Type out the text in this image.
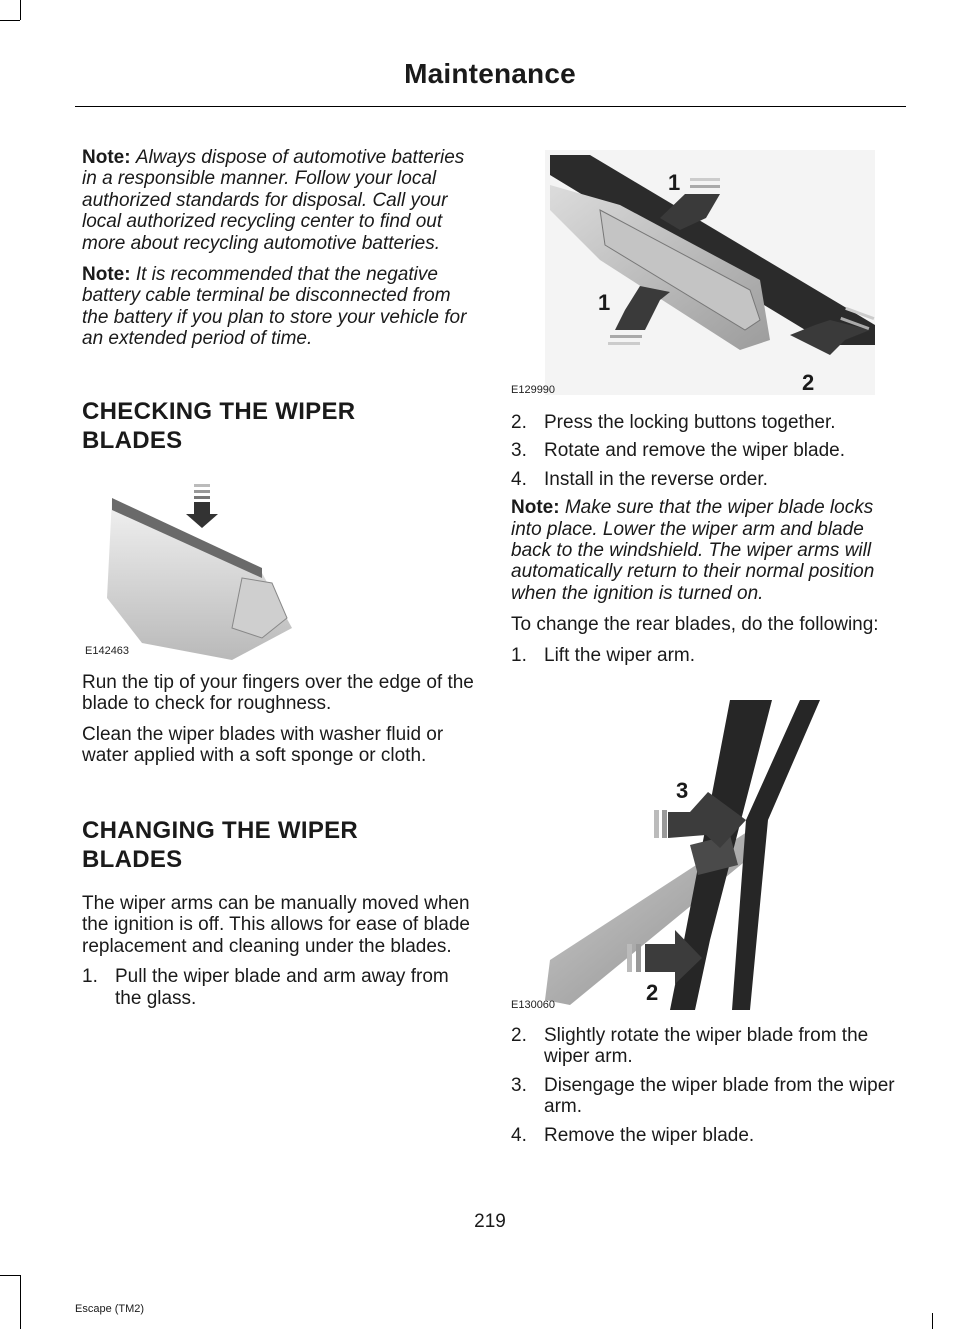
Maintenance

Note: Always dispose of automotive batteries in a responsible manner. Follow your local authorized standards for disposal. Call your local authorized recycling center to find out more about recycling automotive batteries.

Note: It is recommended that the negative battery cable terminal be disconnected from the battery if you plan to store your vehicle for an extended period of time.

CHECKING THE WIPER
BLADES
E142463

Run the tip of your fingers over the edge of the blade to check for roughness.

Clean the wiper blades with washer fluid or water applied with a soft sponge or cloth.

CHANGING THE WIPER
BLADES

The wiper arms can be manually moved when the ignition is off. This allows for ease of blade replacement and cleaning under the blades.

1. Pull the wiper blade and arm away from the glass.
1
1
2
E129990
2. Press the locking buttons together.
3. Rotate and remove the wiper blade.
4. Install in the reverse order.

Note: Make sure that the wiper blade locks into place. Lower the wiper arm and blade back to the windshield. The wiper arms will automatically return to their normal position when the ignition is turned on.

To change the rear blades, do the following:

1. Lift the wiper arm.
3
2
E130060
2. Slightly rotate the wiper blade from the wiper arm.
3. Disengage the wiper blade from the wiper arm.
4. Remove the wiper blade.
219
Escape (TM2)
